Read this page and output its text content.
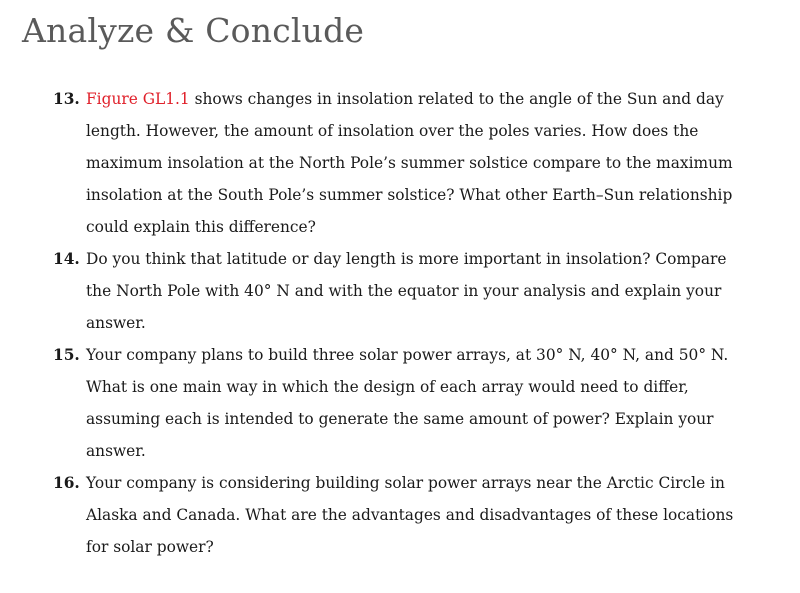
Analyze & Conclude
13. Figure GL1.1 shows changes in insolation related to the angle of the Sun and day length. However, the amount of insolation over the poles varies. How does the maximum insolation at the North Pole’s summer solstice compare to the maximum insolation at the South Pole’s summer solstice? What other Earth–Sun relationship could explain this difference?
14. Do you think that latitude or day length is more important in insolation? Compare the North Pole with 40° N and with the equator in your analysis and explain your answer.
15. Your company plans to build three solar power arrays, at 30° N, 40° N, and 50° N. What is one main way in which the design of each array would need to differ, assuming each is intended to generate the same amount of power? Explain your answer.
16. Your company is considering building solar power arrays near the Arctic Circle in Alaska and Canada. What are the advantages and disadvantages of these locations for solar power?
